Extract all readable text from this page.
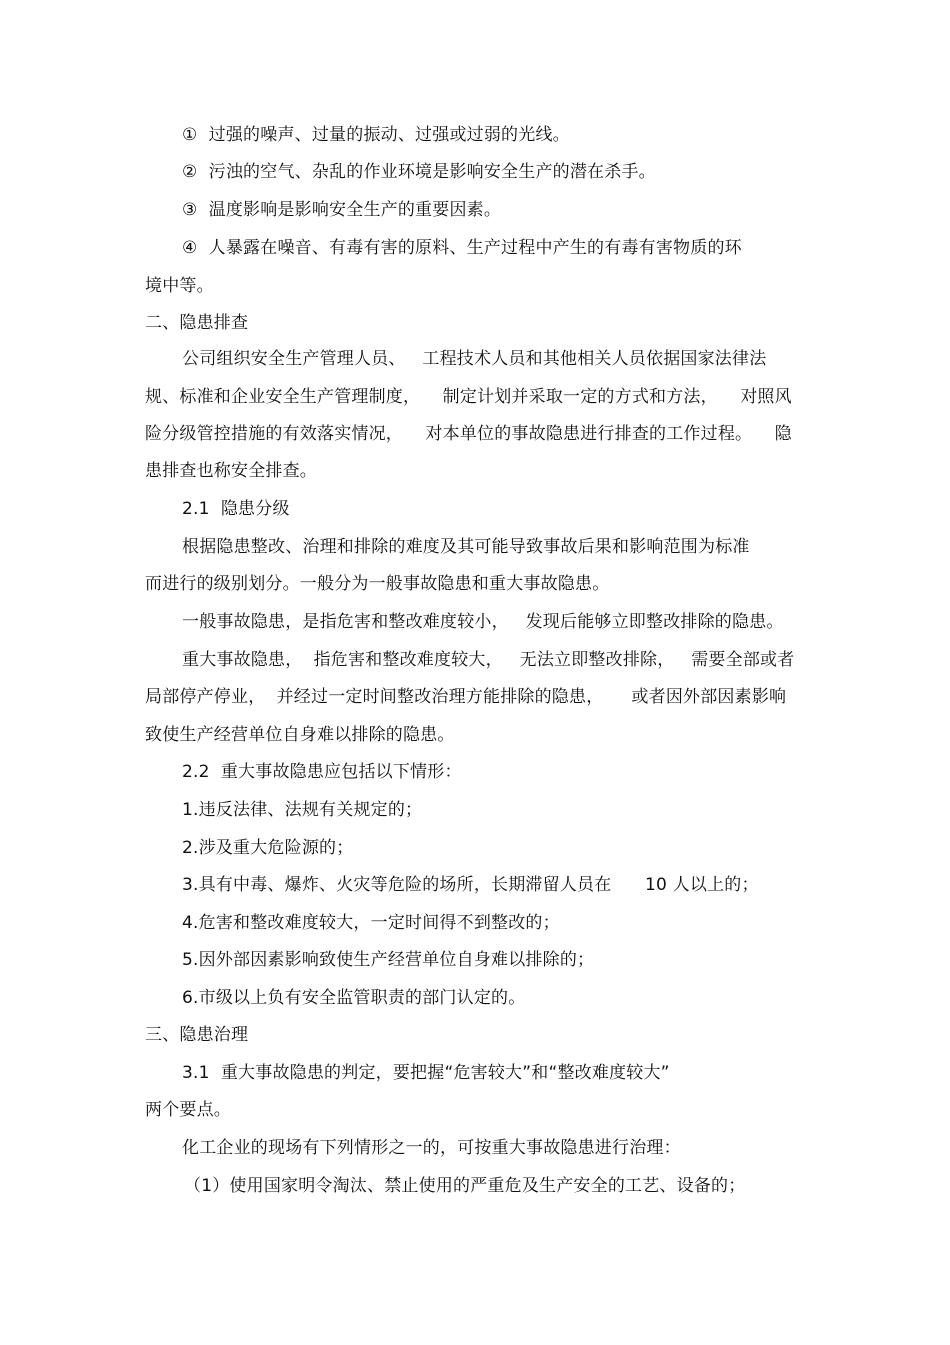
①  过强的噪声、过量的振动、过强或过弱的光线。
②  污浊的空气、杂乱的作业环境是影响安全生产的潜在杀手。
③  温度影响是影响安全生产的重要因素。
④  人暴露在噪音、有毒有害的原料、生产过程中产生的有毒有害物质的环
境中等。
二、隐患排查
公司组织安全生产管理人员、   工程技术人员和其他相关人员依据国家法律法
规、标准和企业安全生产管理制度，    制定计划并采取一定的方式和方法，    对照风
险分级管控措施的有效落实情况，    对本单位的事故隐患进行排查的工作过程。    隐
患排查也称安全排查。
2.1  隐患分级
根据隐患整改、治理和排除的难度及其可能导致事故后果和影响范围为标准
而进行的级别划分。一般分为一般事故隐患和重大事故隐患。
一般事故隐患，是指危害和整改难度较小，   发现后能够立即整改排除的隐患。
重大事故隐患，  指危害和整改难度较大，   无法立即整改排除，   需要全部或者
局部停产停业，  并经过一定时间整改治理方能排除的隐患，     或者因外部因素影响
致使生产经营单位自身难以排除的隐患。
2.2  重大事故隐患应包括以下情形：
1.违反法律、法规有关规定的；
2.涉及重大危险源的；
3.具有中毒、爆炸、火灾等危险的场所，长期滞留人员在      10 人以上的；
4.危害和整改难度较大，一定时间得不到整改的；
5.因外部因素影响致使生产经营单位自身难以排除的；
6.市级以上负有安全监管职责的部门认定的。
三、隐患治理
3.1  重大事故隐患的判定，要把握“危害较大”和“整改难度较大”
两个要点。
化工企业的现场有下列情形之一的，可按重大事故隐患进行治理：
（1）使用国家明令淘汰、禁止使用的严重危及生产安全的工艺、设备的；
